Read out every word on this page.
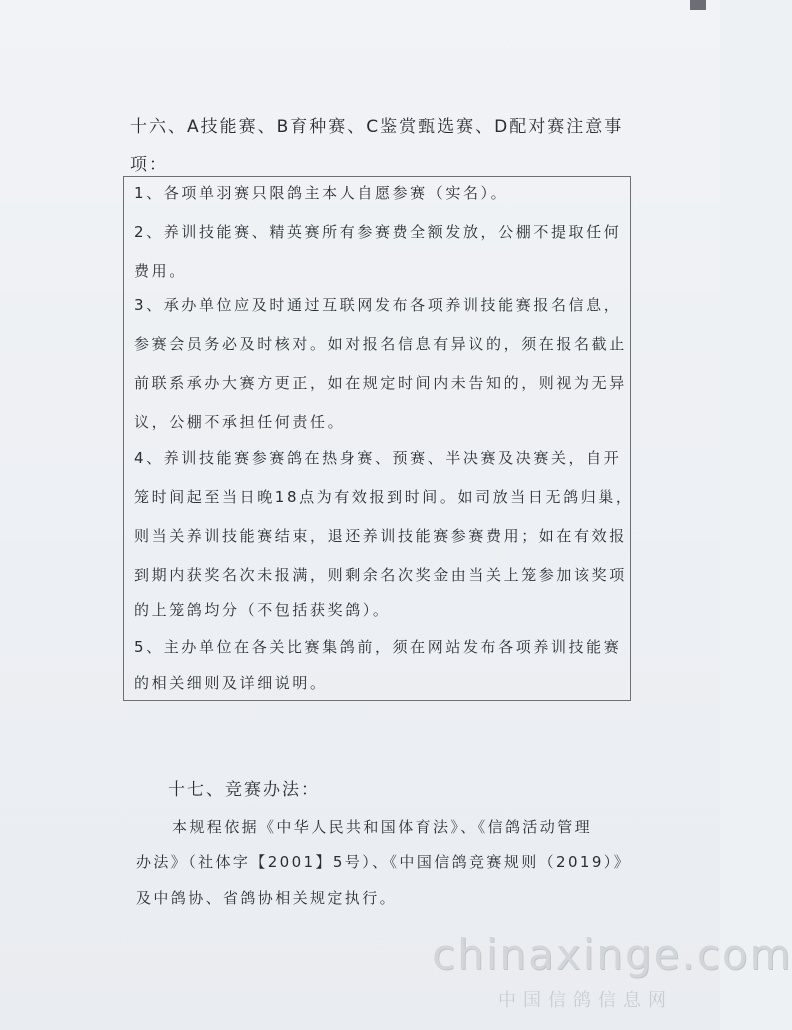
十六、A技能赛、B育种赛、C鉴赏甄选赛、D配对赛注意事
项：
1、各项单羽赛只限鸽主本人自愿参赛（实名）。
2、养训技能赛、精英赛所有参赛费全额发放，公棚不提取任何
费用。
3、承办单位应及时通过互联网发布各项养训技能赛报名信息，
参赛会员务必及时核对。如对报名信息有异议的，须在报名截止
前联系承办大赛方更正，如在规定时间内未告知的，则视为无异
议，公棚不承担任何责任。
4、养训技能赛参赛鸽在热身赛、预赛、半决赛及决赛关，自开
笼时间起至当日晚18点为有效报到时间。如司放当日无鸽归巢，
则当关养训技能赛结束，退还养训技能赛参赛费用；如在有效报
到期内获奖名次未报满，则剩余名次奖金由当关上笼参加该奖项
的上笼鸽均分（不包括获奖鸽）。
5、主办单位在各关比赛集鸽前，须在网站发布各项养训技能赛
的相关细则及详细说明。
十七、竞赛办法：
本规程依据《中华人民共和国体育法》、《信鸽活动管理
办法》（社体字【2001】5号）、《中国信鸽竞赛规则（2019）》
及中鸽协、省鸽协相关规定执行。
chinaxinge.com
中国信鸽信息网
